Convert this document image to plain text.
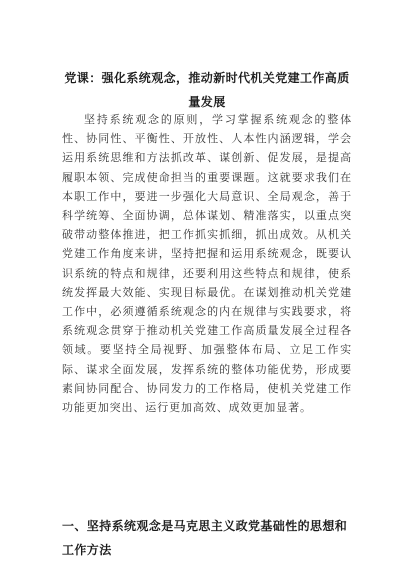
党课：强化系统观念，推动新时代机关党建工作高质量发展

坚持系统观念的原则，学习掌握系统观念的整体性、协同性、平衡性、开放性、人本性内涵逻辑，学会运用系统思维和方法抓改革、谋创新、促发展，是提高履职本领、完成使命担当的重要课题。这就要求我们在本职工作中，要进一步强化大局意识、全局观念，善于科学统筹、全面协调，总体谋划、精准落实，以重点突破带动整体推进，把工作抓实抓细，抓出成效。从机关党建工作角度来讲，坚持把握和运用系统观念，既要认识系统的特点和规律，还要利用这些特点和规律，使系统发挥最大效能、实现目标最优。在谋划推动机关党建工作中，必须遵循系统观念的内在规律与实践要求，将系统观念贯穿于推动机关党建工作高质量发展全过程各领域。要坚持全局视野、加强整体布局、立足工作实际、谋求全面发展，发挥系统的整体功能优势，形成要素间协同配合、协同发力的工作格局，使机关党建工作功能更加突出、运行更加高效、成效更加显著。

一、坚持系统观念是马克思主义政党基础性的思想和工作方法
